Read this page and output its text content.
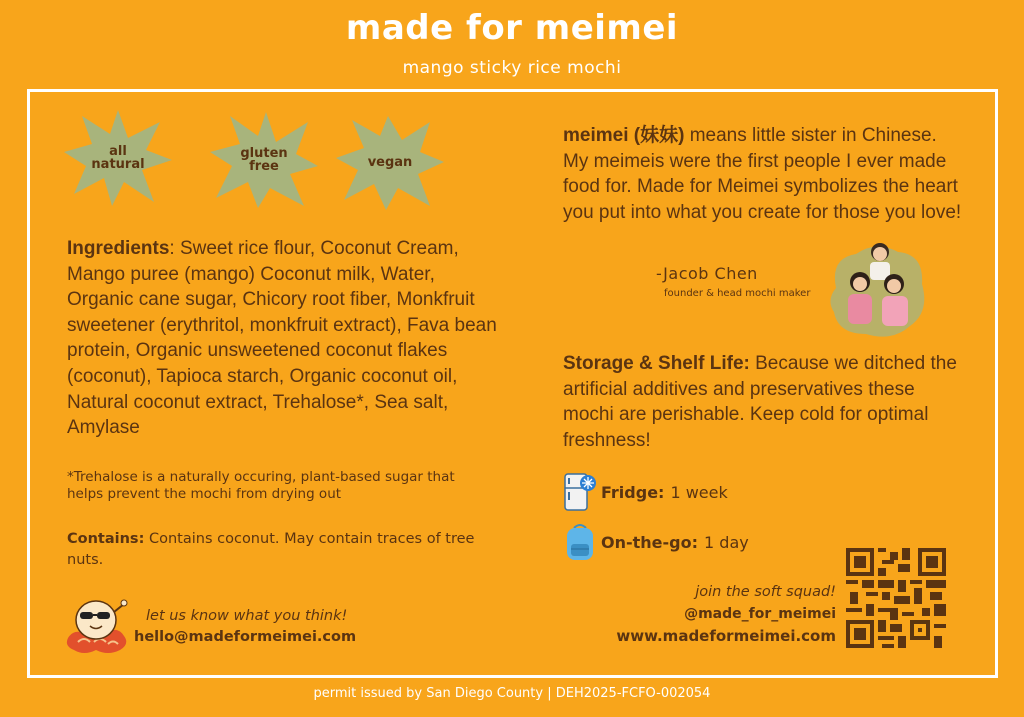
made for meimei
mango sticky rice mochi
all
natural
gluten
free	vegan
Ingredients: Sweet rice flour, Coconut Cream, Mango puree (mango) Coconut milk, Water, Organic cane sugar, Chicory root fiber, Monkfruit sweetener (erythritol, monkfruit extract), Fava bean protein, Organic unsweetened coconut flakes (coconut), Tapioca starch, Organic coconut oil, Natural coconut extract, Trehalose*, Sea salt, Amylase
*Trehalose is a naturally occuring, plant-based sugar that helps prevent the mochi from drying out
Contains: Contains coconut. May contain traces of tree nuts.
let us know what you think!
hello@madeformeimei.com
meimei (妹妹) means little sister in Chinese. My meimeis were the first people I ever made food for. Made for Meimei symbolizes the heart you put into what you create for those you love!
-Jacob Chen
founder & head mochi maker
Storage & Shelf Life: Because we ditched the artificial additives and preservatives these mochi are perishable. Keep cold for optimal freshness!
Fridge: 1 week
On-the-go: 1 day
join the soft squad!
@made_for_meimei
www.madeformeimei.com
permit issued by San Diego County | DEH2025-FCFO-002054
